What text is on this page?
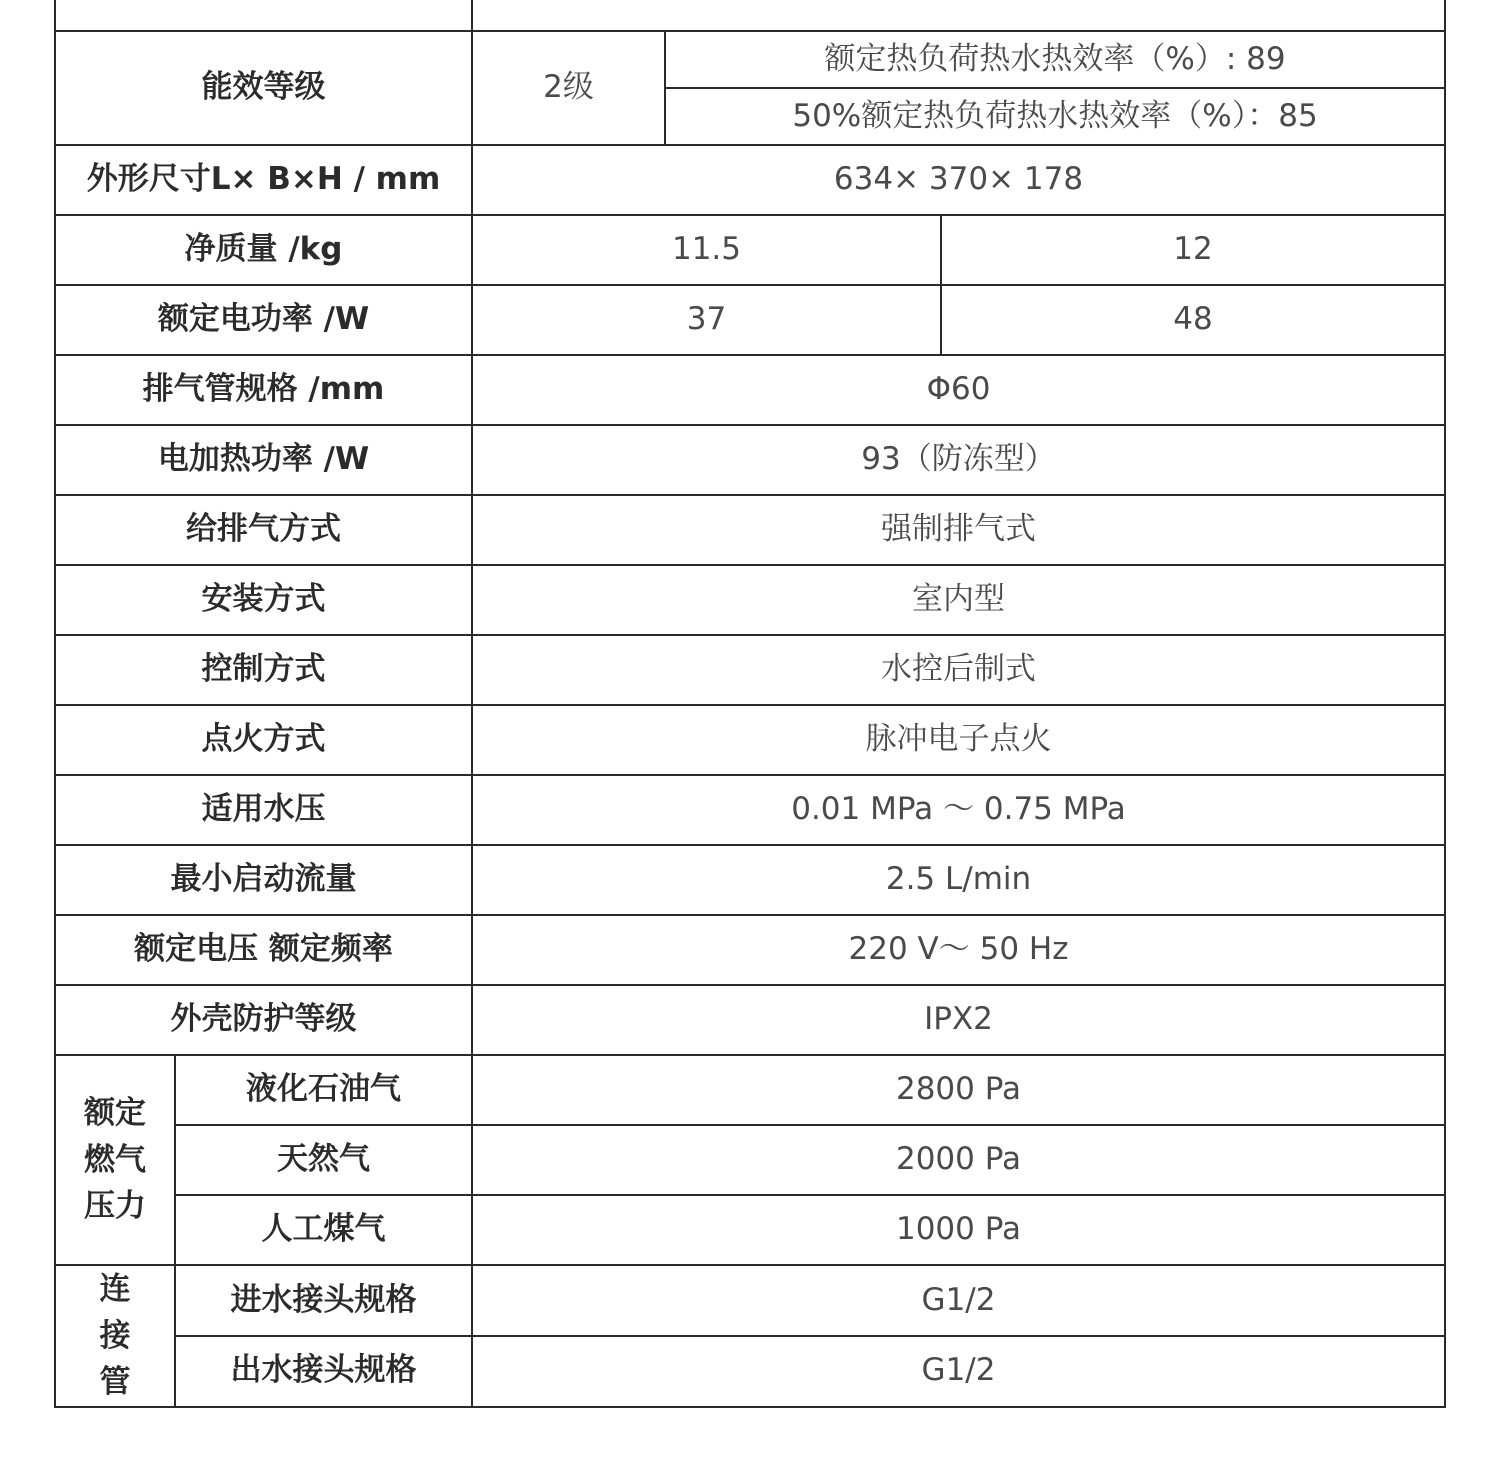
能效等级		2级	额定热负荷热水热效率（%）: 89	
			50%额定热负荷热水热效率（%）：85	
外形尺寸L× B×H / mm		634× 370× 178		
净质量 /kg		11.5		12
额定电功率 /W		37		48
排气管规格 /mm		Φ60		
电加热功率 /W		93（防冻型）		
给排气方式		强制排气式		
安装方式		室内型		
控制方式		水控后制式		
点火方式		脉冲电子点火		
适用水压		0.01 MPa ～ 0.75 MPa		
最小启动流量		2.5 L/min		
额定电压 额定频率		220 V～ 50 Hz		
外壳防护等级		IPX2		
额定
燃气
压力	液化石油气	2800 Pa		
	天然气	2000 Pa		
	人工煤气	1000 Pa		
连
接
管	进水接头规格	G1/2		
	出水接头规格	G1/2		
